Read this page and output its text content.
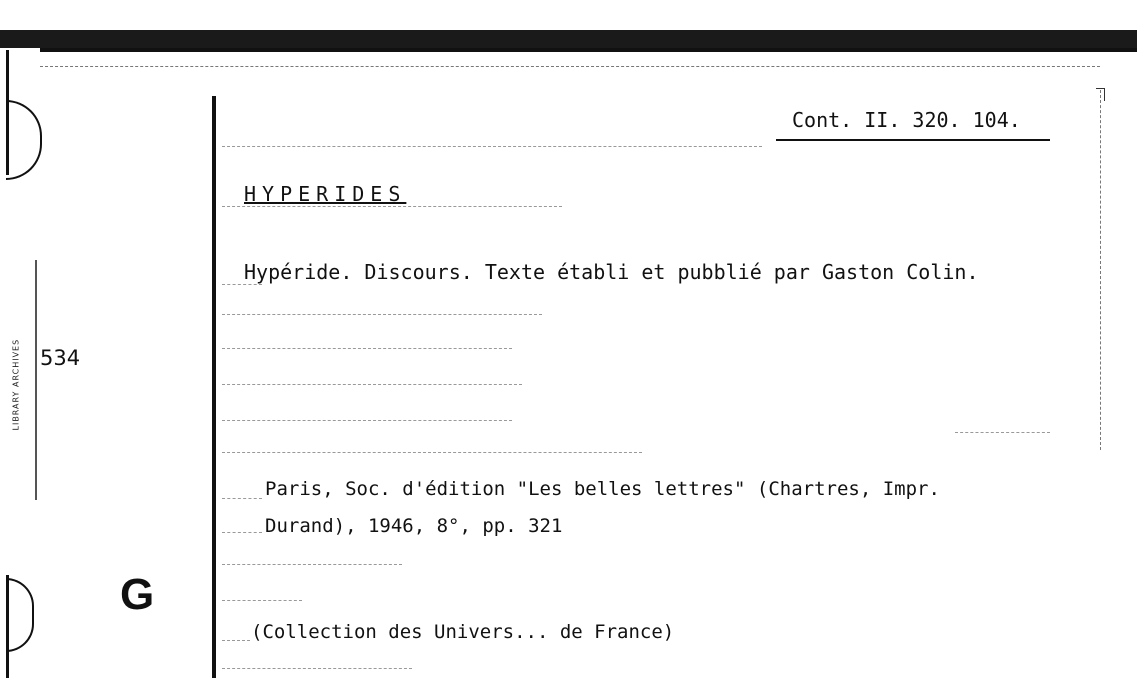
LIBRARY ARCHIVES 534
G
Cont. II. 320. 104.
HYPERIDES
Hypéride. Discours. Texte établi et pubblié par Gaston Colin.
Paris, Soc. d'édition "Les belles lettres" (Chartres, Impr.
Durand), 1946, 8°, pp. 321
(Collection des Univers... de France)
